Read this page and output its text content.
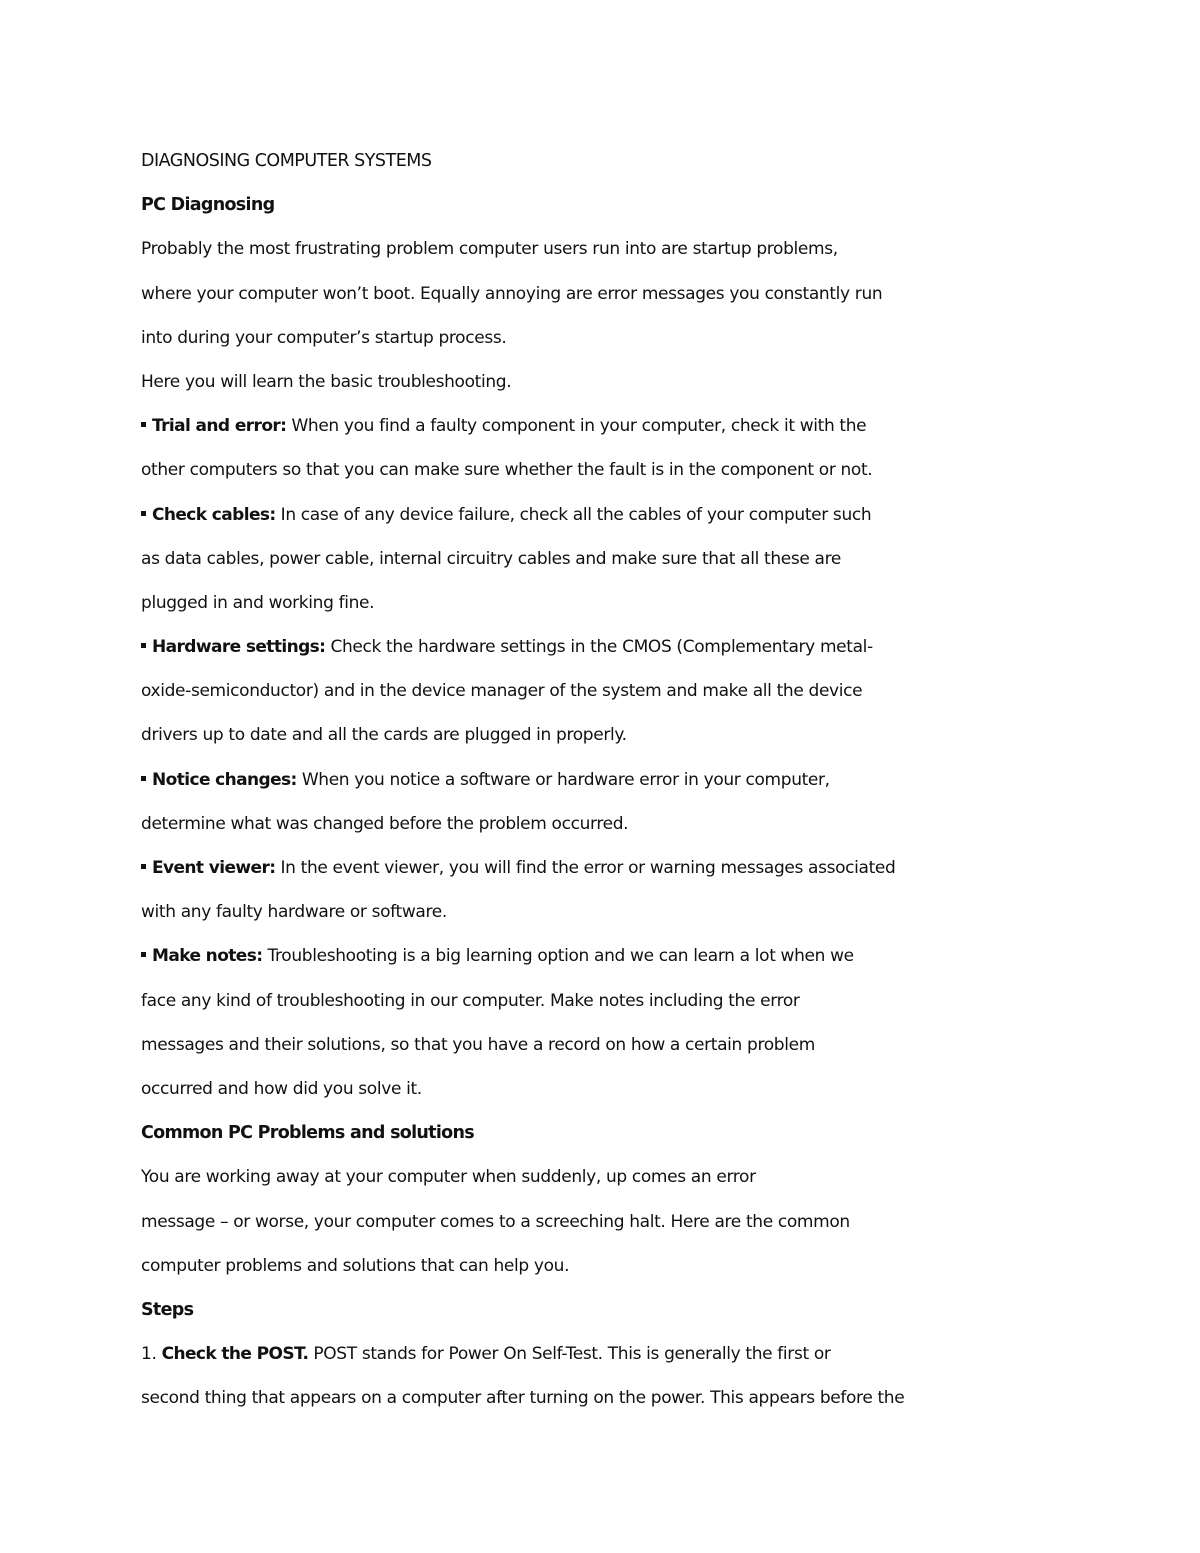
DIAGNOSING COMPUTER SYSTEMS
PC Diagnosing
Probably the most frustrating problem computer users run into are startup problems,
where your computer won’t boot. Equally annoying are error messages you constantly run
into during your computer’s startup process.
Here you will learn the basic troubleshooting.
Trial and error: When you find a faulty component in your computer, check it with the
other computers so that you can make sure whether the fault is in the component or not.
Check cables: In case of any device failure, check all the cables of your computer such
as data cables, power cable, internal circuitry cables and make sure that all these are
plugged in and working fine.
Hardware settings: Check the hardware settings in the CMOS (Complementary metal-
oxide-semiconductor) and in the device manager of the system and make all the device
drivers up to date and all the cards are plugged in properly.
Notice changes: When you notice a software or hardware error in your computer,
determine what was changed before the problem occurred.
Event viewer: In the event viewer, you will find the error or warning messages associated
with any faulty hardware or software.
Make notes: Troubleshooting is a big learning option and we can learn a lot when we
face any kind of troubleshooting in our computer. Make notes including the error
messages and their solutions, so that you have a record on how a certain problem
occurred and how did you solve it.
Common PC Problems and solutions
You are working away at your computer when suddenly, up comes an error
message – or worse, your computer comes to a screeching halt. Here are the common
computer problems and solutions that can help you.
Steps
1. Check the POST. POST stands for Power On Self-Test. This is generally the first or
second thing that appears on a computer after turning on the power. This appears before the
